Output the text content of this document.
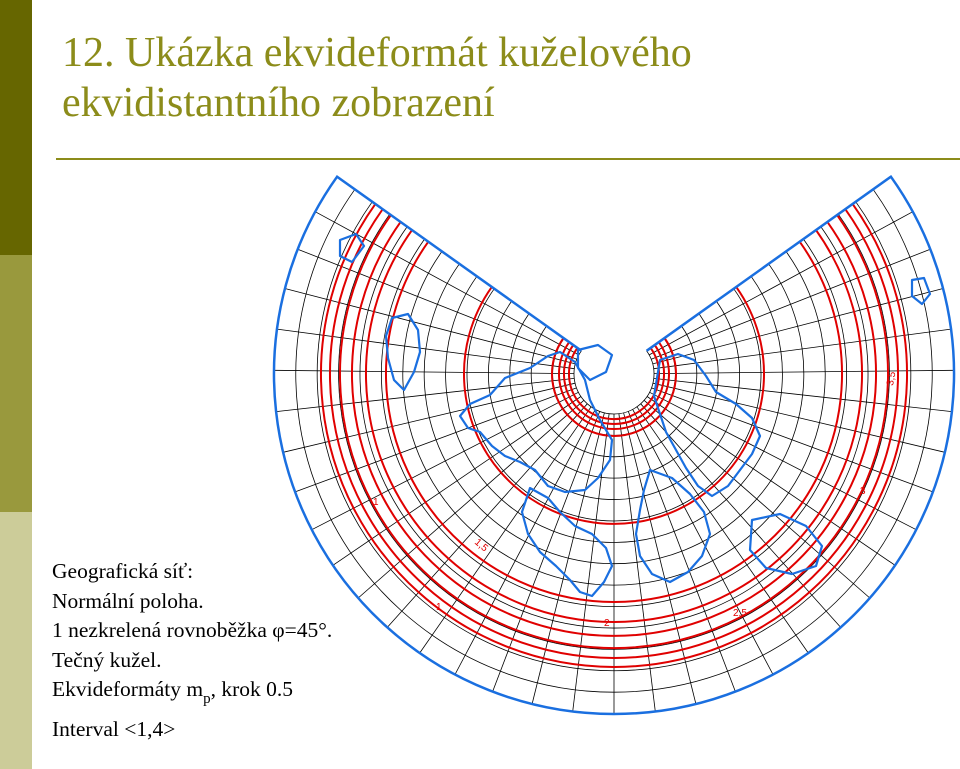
12. Ukázka ekvideformát kuželového
ekvidistantního zobrazení
1,5
2
2,5
3
3,5
1
1
Geografická síť:
Normální poloha.
1 nezkrelená rovnoběžka φ=45°.
Tečný kužel.
Ekvideformáty $m_p$, krok 0.5
Interval <1,4>
